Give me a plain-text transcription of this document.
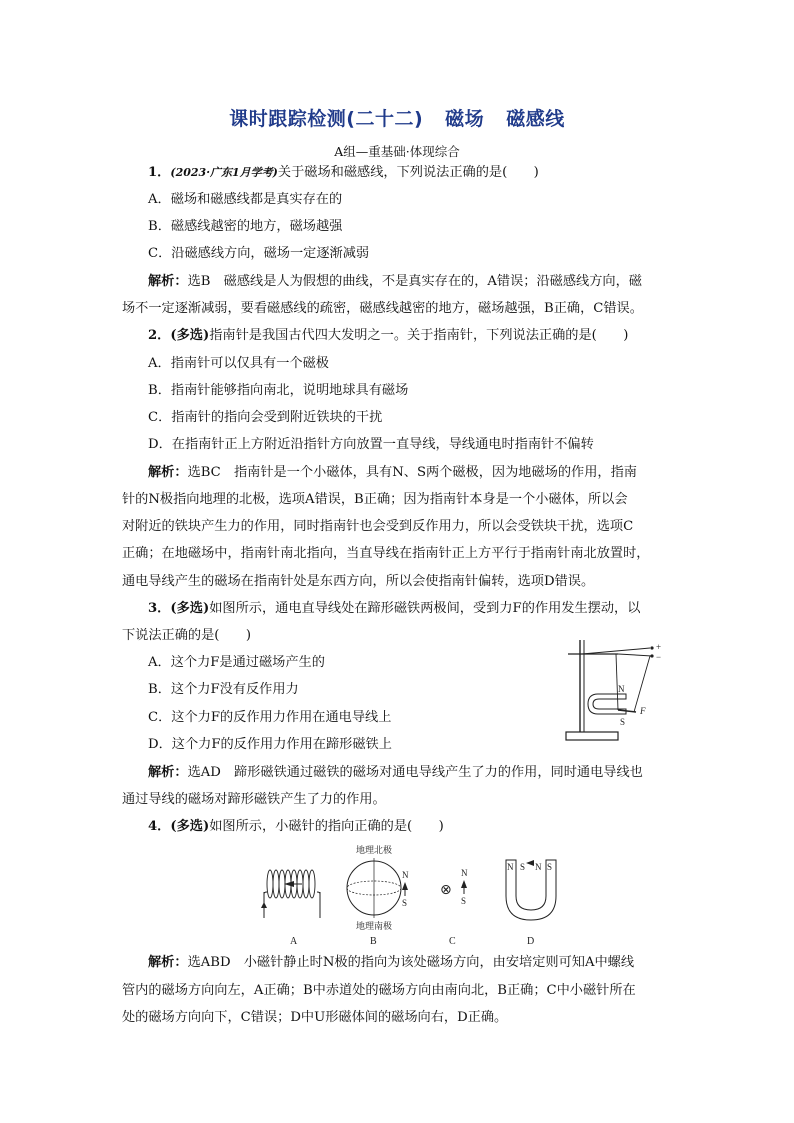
课时跟踪检测(二十二) 磁场 磁感线
A组—重基础·体现综合
1．(2023·广东1月学考)关于磁场和磁感线，下列说法正确的是(　　)
A．磁场和磁感线都是真实存在的
B．磁感线越密的地方，磁场越强
C．沿磁感线方向，磁场一定逐渐减弱
解析：选B　磁感线是人为假想的曲线，不是真实存在的，A错误；沿磁感线方向，磁
场不一定逐渐减弱，要看磁感线的疏密，磁感线越密的地方，磁场越强，B正确，C错误。
2．(多选)指南针是我国古代四大发明之一。关于指南针，下列说法正确的是(　　)
A．指南针可以仅具有一个磁极
B．指南针能够指向南北，说明地球具有磁场
C．指南针的指向会受到附近铁块的干扰
D．在指南针正上方附近沿指针方向放置一直导线，导线通电时指南针不偏转
解析：选BC　指南针是一个小磁体，具有N、S两个磁极，因为地磁场的作用，指南
针的N极指向地理的北极，选项A错误，B正确；因为指南针本身是一个小磁体，所以会
对附近的铁块产生力的作用，同时指南针也会受到反作用力，所以会受铁块干扰，选项C
正确；在地磁场中，指南针南北指向，当直导线在指南针正上方平行于指南针南北放置时，
通电导线产生的磁场在指南针处是东西方向，所以会使指南针偏转，选项D错误。
3．(多选)如图所示，通电直导线处在蹄形磁铁两极间，受到力F的作用发生摆动，以
下说法正确的是(　　)
A．这个力F是通过磁场产生的
B．这个力F没有反作用力
C．这个力F的反作用力作用在通电导线上
D．这个力F的反作用力作用在蹄形磁铁上
解析：选AD　蹄形磁铁通过磁铁的磁场对通电导线产生了力的作用，同时通电导线也
通过导线的磁场对蹄形磁铁产生了力的作用。
+
−
N
S
F
4．(多选)如图所示，小磁针的指向正确的是(　　)
地理北极
地理南极
N
S
⊗
N
S
N	S
S N
A	B	C	D
解析：选ABD　小磁针静止时N极的指向为该处磁场方向，由安培定则可知A中螺线
管内的磁场方向向左，A正确；B中赤道处的磁场方向由南向北，B正确；C中小磁针所在
处的磁场方向向下，C错误；D中U形磁体间的磁场向右，D正确。
